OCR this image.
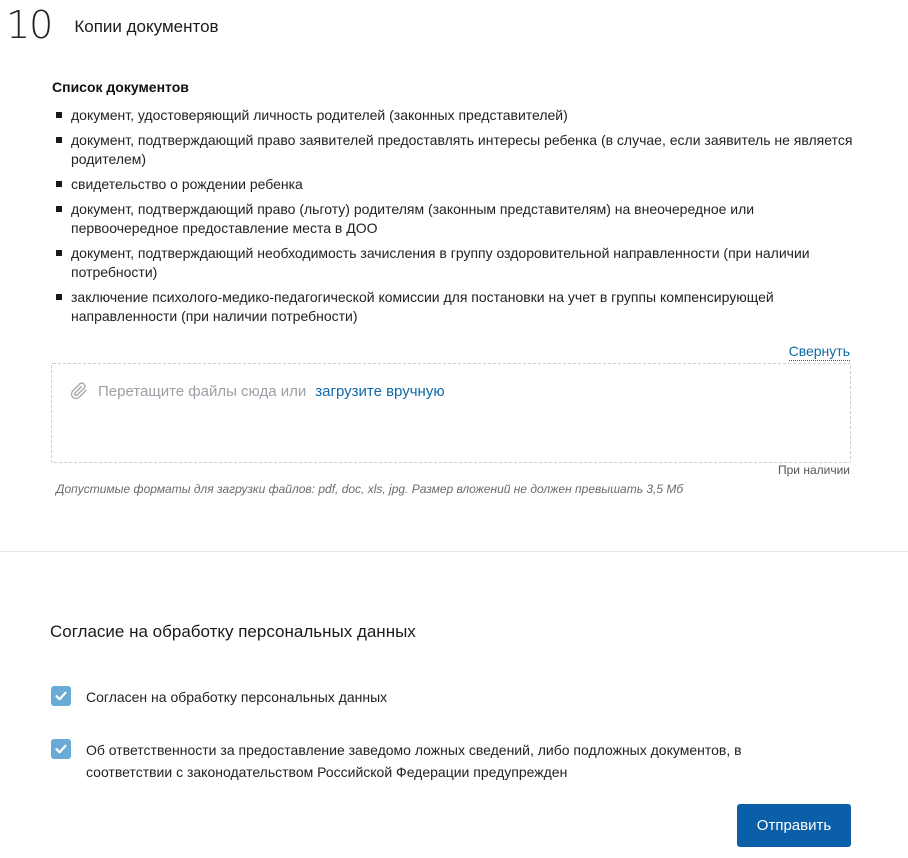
10 Копии документов
Список документов
документ, удостоверяющий личность родителей (законных представителей)
документ, подтверждающий право заявителей предоставлять интересы ребенка (в случае, если заявитель не является родителем)
свидетельство о рождении ребенка
документ, подтверждающий право (льготу) родителям (законным представителям) на внеочередное или первоочередное предоставление места в ДОО
документ, подтверждающий необходимость зачисления в группу оздоровительной направленности (при наличии потребности)
заключение психолого-медико-педагогической комиссии для постановки на учет в группы компенсирующей направленности (при наличии потребности)
Свернуть
Перетащите файлы сюда или загрузите вручную
При наличии
Допустимые форматы для загрузки файлов: pdf, doc, xls, jpg. Размер вложений не должен превышать 3,5 Мб
Согласие на обработку персональных данных
Согласен на обработку персональных данных
Об ответственности за предоставление заведомо ложных сведений, либо подложных документов, в соответствии с законодательством Российской Федерации предупрежден
Отправить
